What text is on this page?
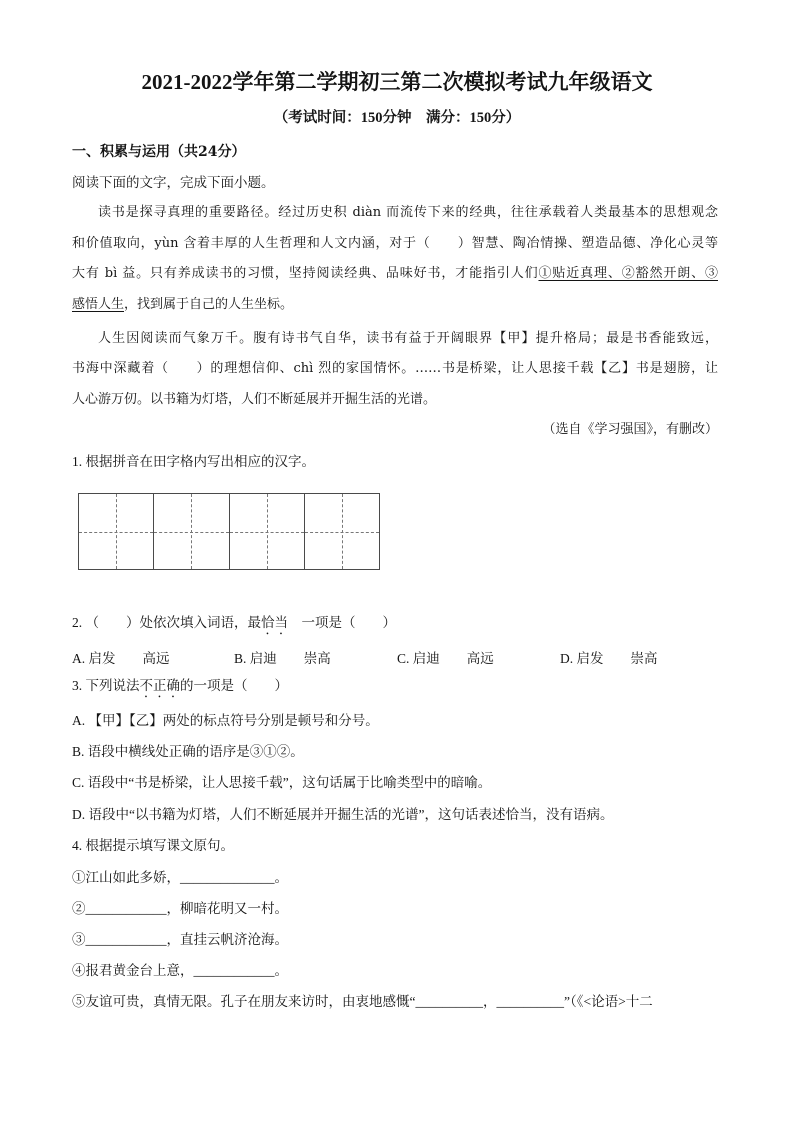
2021-2022学年第二学期初三第二次模拟考试九年级语文
（考试时间：150分钟　满分：150分）
一、积累与运用（共24分）
阅读下面的文字，完成下面小题。
读书是探寻真理的重要路径。经过历史积 diàn 而流传下来的经典，往往承载着人类最基本的思想观念
和价值取向，yùn 含着丰厚的人生哲理和人文内涵，对于（　　）智慧、陶冶情操、塑造品德、净化心灵等
大有 bì 益。只有养成读书的习惯，坚持阅读经典、品味好书，才能指引人们①贴近真理、②豁然开朗、③
感悟人生，找到属于自己的人生坐标。
人生因阅读而气象万千。腹有诗书气自华，读书有益于开阔眼界【甲】提升格局；最是书香能致远，
书海中深藏着（　　）的理想信仰、chì 烈的家国情怀。……书是桥梁，让人思接千载【乙】书是翅膀，让
人心游万仞。以书籍为灯塔，人们不断延展并开掘生活的光谱。
（选自《学习强国》，有删改）
1. 根据拼音在田字格内写出相应的汉字。
2. （　　）处依次填入词语，最恰当　一项是（　　）
A. 启发　　高远	B. 启迪　　崇高	C. 启迪　　高远	D. 启发　　崇高
3. 下列说法不正确的一项是（　　）
A. 【甲】【乙】两处的标点符号分别是顿号和分号。
B. 语段中横线处正确的语序是③①②。
C. 语段中“书是桥梁，让人思接千载”，这句话属于比喻类型中的暗喻。
D. 语段中“以书籍为灯塔，人们不断延展并开掘生活的光谱”，这句话表述恰当，没有语病。
4. 根据提示填写课文原句。
①江山如此多娇，______________。
②____________，柳暗花明又一村。
③____________，直挂云帆济沧海。
④报君黄金台上意，____________。
⑤友谊可贵，真情无限。孔子在朋友来访时，由衷地感慨“__________，__________”（《<论语>十二
